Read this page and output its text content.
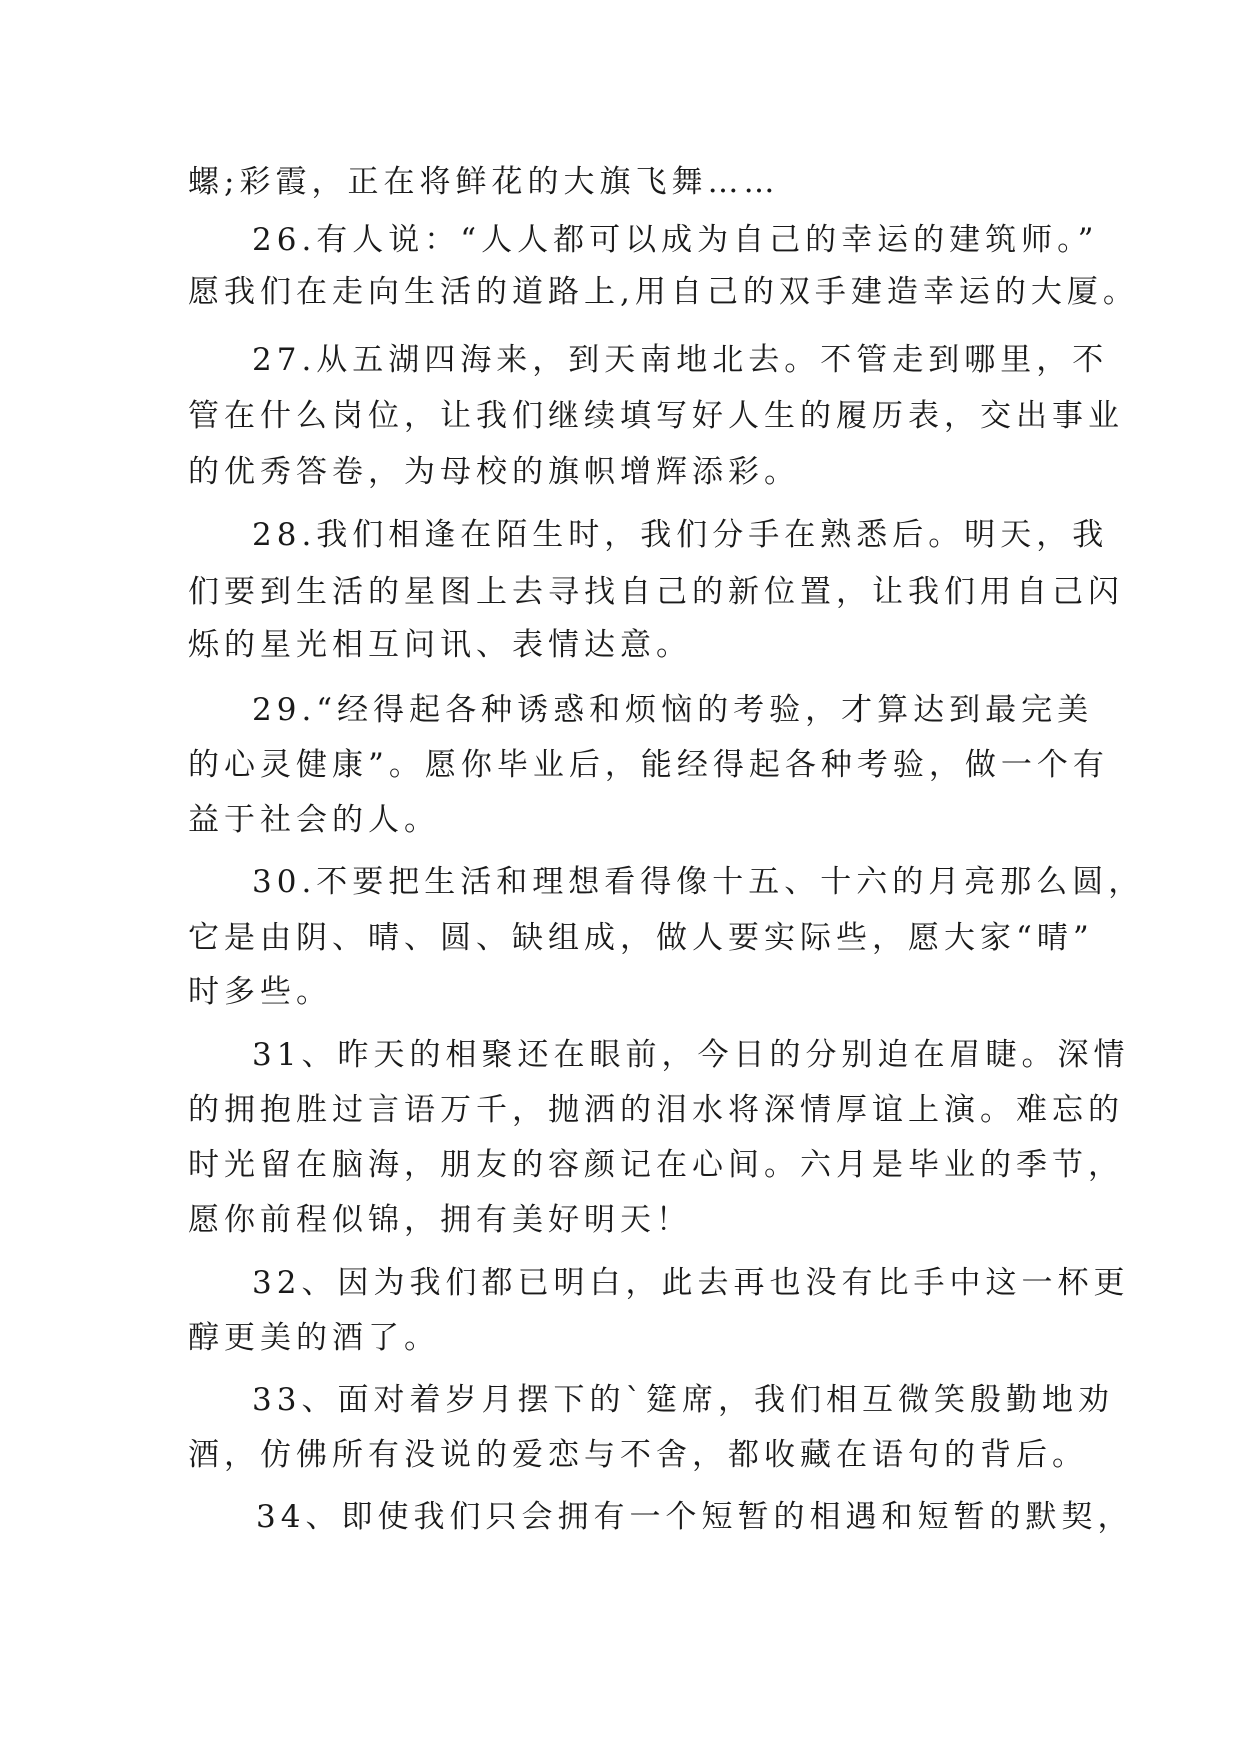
螺;彩霞，正在将鲜花的大旗飞舞……
26.有人说：“人人都可以成为自己的幸运的建筑师。”
愿我们在走向生活的道路上,用自己的双手建造幸运的大厦。
27.从五湖四海来，到天南地北去。不管走到哪里，不
管在什么岗位，让我们继续填写好人生的履历表，交出事业
的优秀答卷，为母校的旗帜增辉添彩。
28.我们相逢在陌生时，我们分手在熟悉后。明天，我
们要到生活的星图上去寻找自己的新位置，让我们用自己闪
烁的星光相互问讯、表情达意。
29.“经得起各种诱惑和烦恼的考验，才算达到最完美
的心灵健康”。愿你毕业后，能经得起各种考验，做一个有
益于社会的人。
30.不要把生活和理想看得像十五、十六的月亮那么圆，
它是由阴、晴、圆、缺组成，做人要实际些，愿大家“晴”
时多些。
31、昨天的相聚还在眼前，今日的分别迫在眉睫。深情
的拥抱胜过言语万千，抛洒的泪水将深情厚谊上演。难忘的
时光留在脑海，朋友的容颜记在心间。六月是毕业的季节，
愿你前程似锦，拥有美好明天！
32、因为我们都已明白，此去再也没有比手中这一杯更
醇更美的酒了。
33、面对着岁月摆下的`筵席，我们相互微笑殷勤地劝
酒，仿佛所有没说的爱恋与不舍，都收藏在语句的背后。
34、即使我们只会拥有一个短暂的相遇和短暂的默契，
